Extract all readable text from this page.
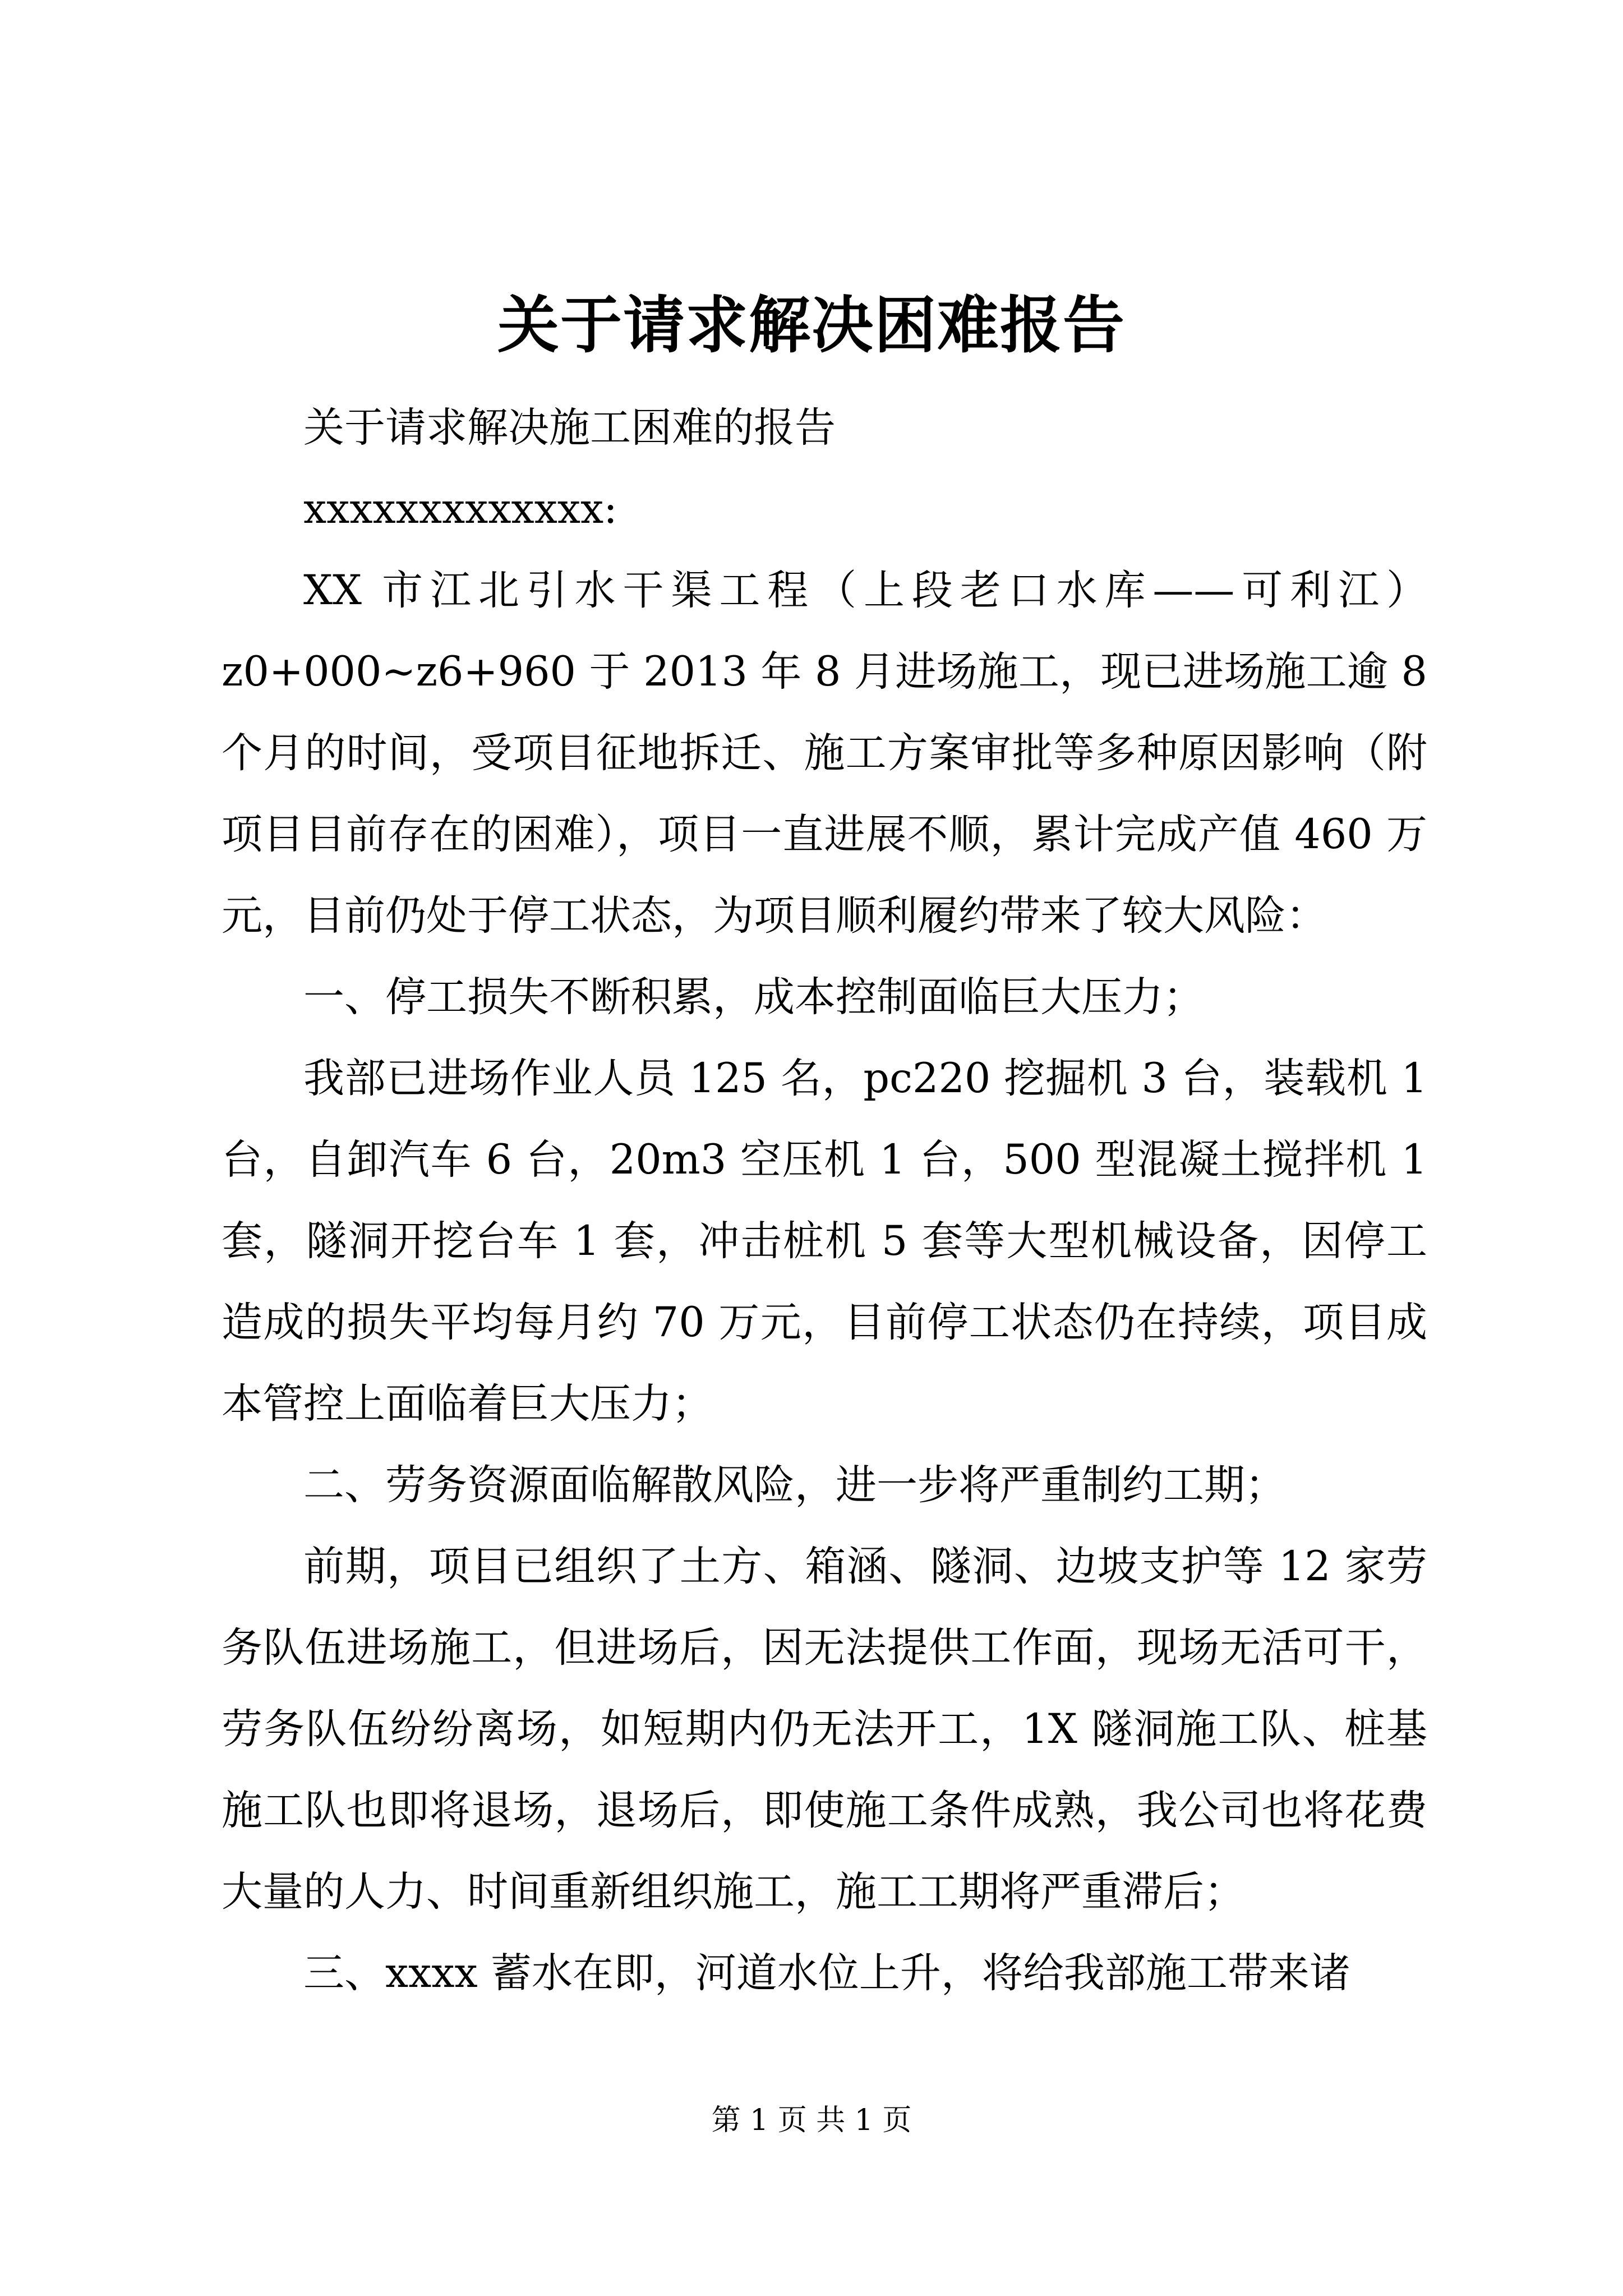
关于请求解决困难报告

关于请求解决施工困难的报告

xxxxxxxxxxxxx:

XX 市江北引水干渠工程（上段老口水库——可利江）z0+000~z6+960 于 2013 年 8 月进场施工，现已进场施工逾 8 个月的时间，受项目征地拆迁、施工方案审批等多种原因影响（附项目目前存在的困难），项目一直进展不顺，累计完成产值 460 万元，目前仍处于停工状态，为项目顺利履约带来了较大风险：

一、停工损失不断积累，成本控制面临巨大压力；

我部已进场作业人员 125 名，pc220 挖掘机 3 台，装载机 1 台，自卸汽车 6 台，20m3 空压机 1 台，500 型混凝土搅拌机 1 套，隧洞开挖台车 1 套，冲击桩机 5 套等大型机械设备，因停工造成的损失平均每月约 70 万元，目前停工状态仍在持续，项目成本管控上面临着巨大压力；

二、劳务资源面临解散风险，进一步将严重制约工期；

前期，项目已组织了土方、箱涵、隧洞、边坡支护等 12 家劳务队伍进场施工，但进场后，因无法提供工作面，现场无活可干，劳务队伍纷纷离场，如短期内仍无法开工，1X 隧洞施工队、桩基施工队也即将退场，退场后，即使施工条件成熟，我公司也将花费大量的人力、时间重新组织施工，施工工期将严重滞后；

三、xxxx 蓄水在即，河道水位上升，将给我部施工带来诸

第 1 页 共 1 页
